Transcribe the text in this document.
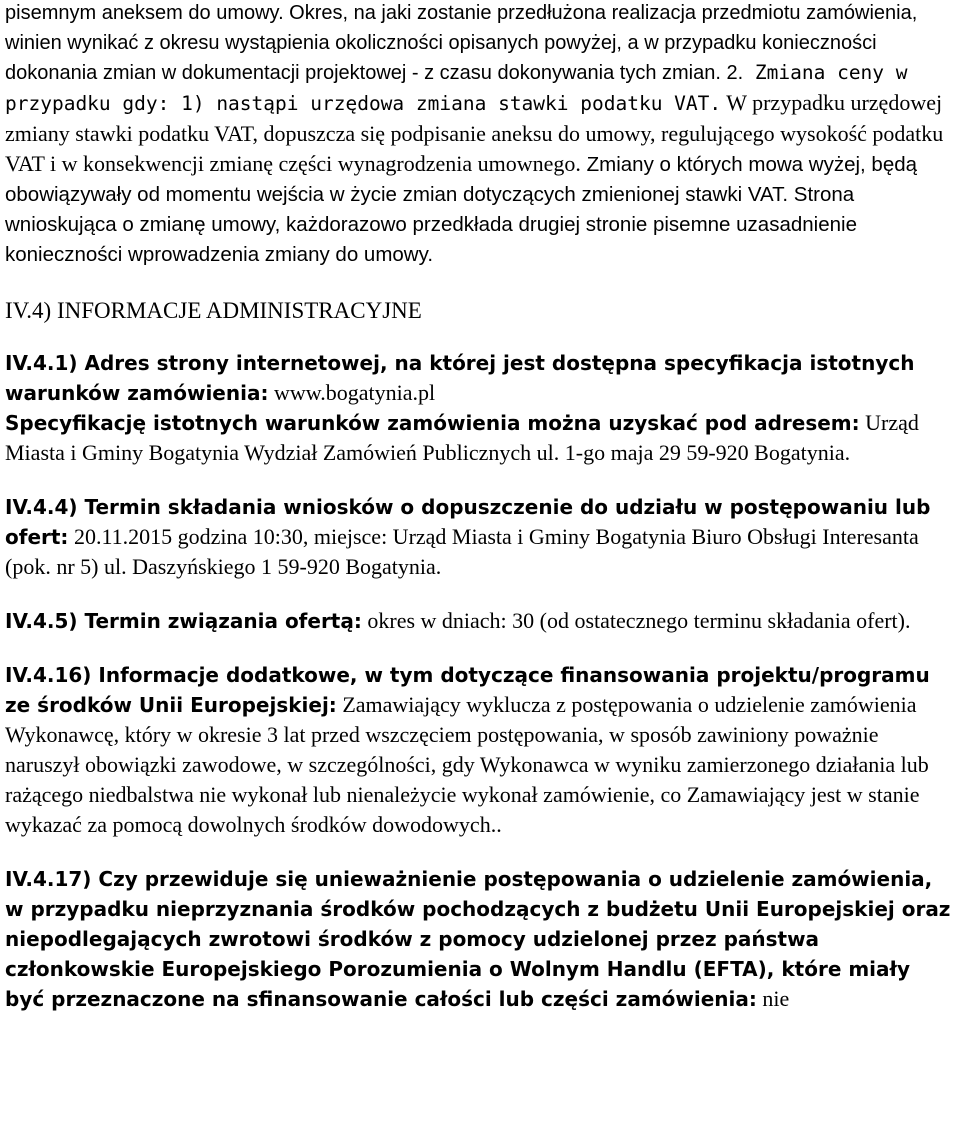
pisemnym aneksem do umowy. Okres, na jaki zostanie przedłużona realizacja przedmiotu zamówienia, winien wynikać z okresu wystąpienia okoliczności opisanych powyżej, a w przypadku konieczności dokonania zmian w dokumentacji projektowej - z czasu dokonywania tych zmian. 2. Zmiana ceny w przypadku gdy: 1) nastąpi urzędowa zmiana stawki podatku VAT. W przypadku urzędowej zmiany stawki podatku VAT, dopuszcza się podpisanie aneksu do umowy, regulującego wysokość podatku VAT i w konsekwencji zmianę części wynagrodzenia umownego. Zmiany o których mowa wyżej, będą obowiązywały od momentu wejścia w życie zmian dotyczących zmienionej stawki VAT. Strona wnioskująca o zmianę umowy, każdorazowo przedkłada drugiej stronie pisemne uzasadnienie konieczności wprowadzenia zmiany do umowy.

IV.4) INFORMACJE ADMINISTRACYJNE

IV.4.1) Adres strony internetowej, na której jest dostępna specyfikacja istotnych warunków zamówienia: www.bogatynia.pl
Specyfikację istotnych warunków zamówienia można uzyskać pod adresem: Urząd Miasta i Gminy Bogatynia Wydział Zamówień Publicznych ul. 1-go maja 29 59-920 Bogatynia.

IV.4.4) Termin składania wniosków o dopuszczenie do udziału w postępowaniu lub ofert: 20.11.2015 godzina 10:30, miejsce: Urząd Miasta i Gminy Bogatynia Biuro Obsługi Interesanta (pok. nr 5) ul. Daszyńskiego 1 59-920 Bogatynia.

IV.4.5) Termin związania ofertą: okres w dniach: 30 (od ostatecznego terminu składania ofert).

IV.4.16) Informacje dodatkowe, w tym dotyczące finansowania projektu/programu ze środków Unii Europejskiej: Zamawiający wyklucza z postępowania o udzielenie zamówienia Wykonawcę, który w okresie 3 lat przed wszczęciem postępowania, w sposób zawiniony poważnie naruszył obowiązki zawodowe, w szczególności, gdy Wykonawca w wyniku zamierzonego działania lub rażącego niedbalstwa nie wykonał lub nienależycie wykonał zamówienie, co Zamawiający jest w stanie wykazać za pomocą dowolnych środków dowodowych..

IV.4.17) Czy przewiduje się unieważnienie postępowania o udzielenie zamówienia, w przypadku nieprzyznania środków pochodzących z budżetu Unii Europejskiej oraz niepodlegających zwrotowi środków z pomocy udzielonej przez państwa członkowskie Europejskiego Porozumienia o Wolnym Handlu (EFTA), które miały być przeznaczone na sfinansowanie całości lub części zamówienia: nie
